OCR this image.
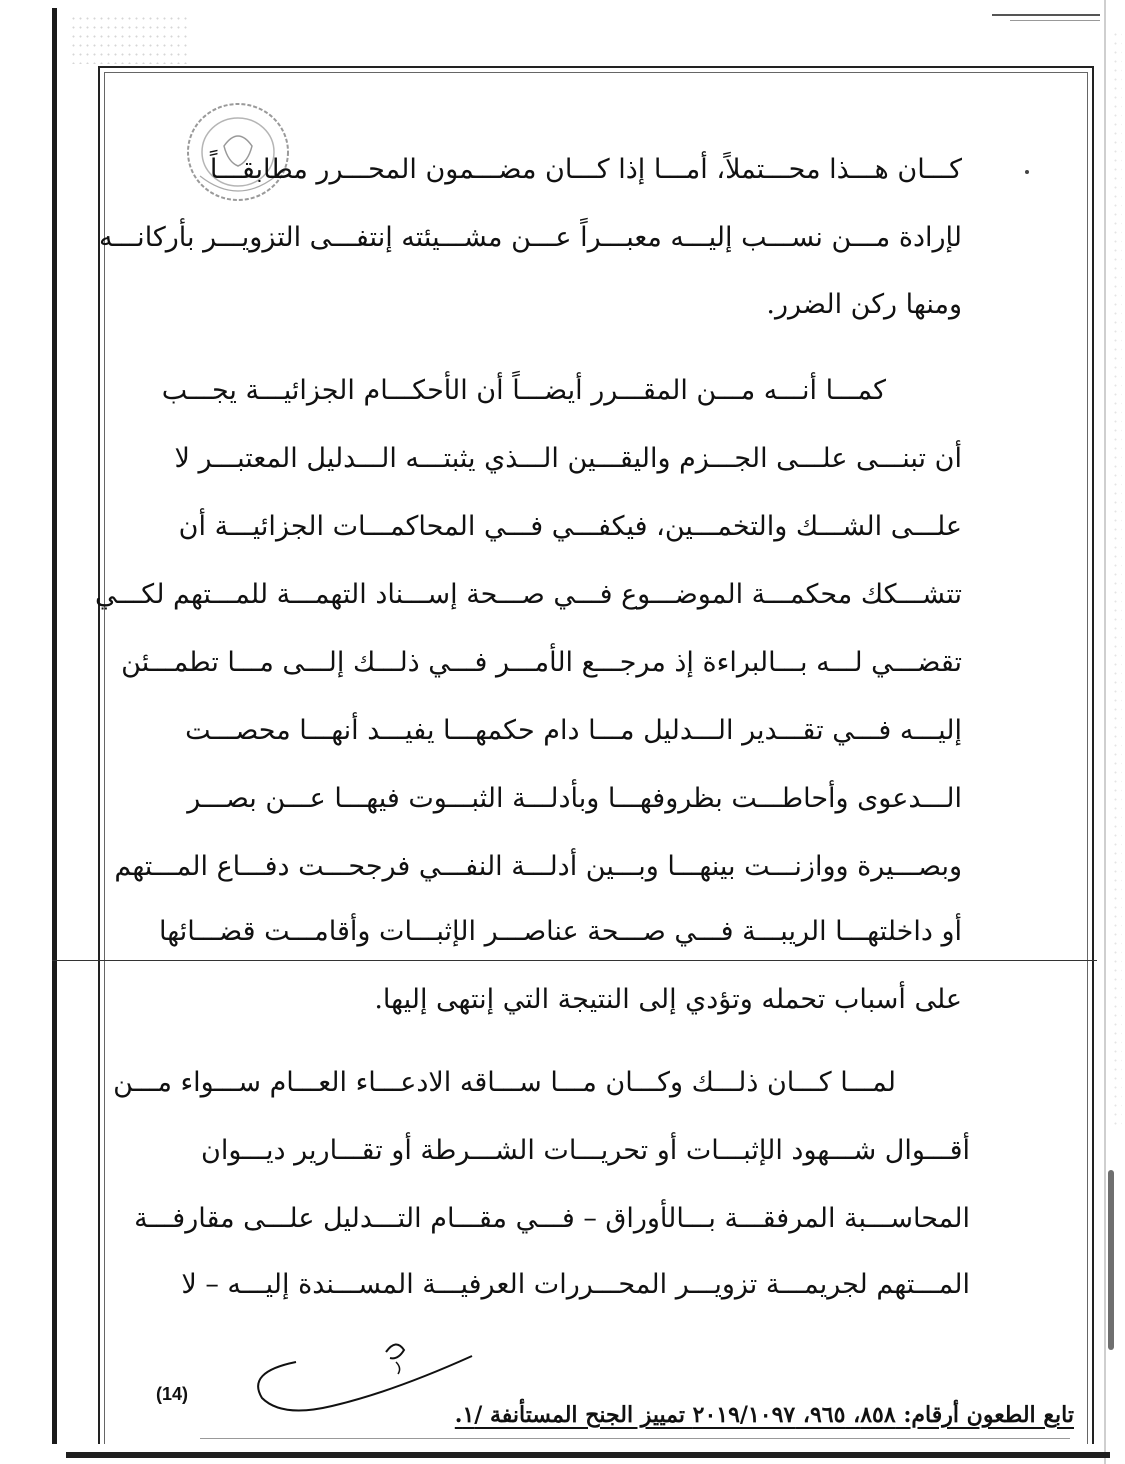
كـــان هـــذا محـــتملاً، أمـــا إذا كـــان مضـــمون المحـــرر مطابقـــاً
لإرادة مـــن نســـب إليـــه معبـــراً عـــن مشـــيئته إنتفـــى التزويـــر بأركانـــه
ومنها ركن الضرر.
كمـــا أنـــه مـــن المقـــرر أيضـــاً أن الأحكـــام الجزائيـــة يجـــب
أن تبنـــى علـــى الجـــزم واليقـــين الـــذي يثبتـــه الـــدليل المعتبـــر لا
علـــى الشـــك والتخمـــين، فيكفـــي فـــي المحاكمـــات الجزائيـــة أن
تتشـــكك محكمـــة الموضـــوع فـــي صـــحة إســـناد التهمـــة للمـــتهم لكـــي
تقضـــي لـــه بـــالبراءة إذ مرجـــع الأمـــر فـــي ذلـــك إلـــى مـــا تطمـــئن
إليـــه فـــي تقـــدير الـــدليل مـــا دام حكمهـــا يفيـــد أنهـــا محصـــت
الـــدعوى وأحاطـــت بظروفهـــا وبأدلـــة الثبـــوت فيهـــا عـــن بصـــر
وبصـــيرة ووازنـــت بينهـــا وبـــين أدلـــة النفـــي فرجحـــت دفـــاع المـــتهم
أو داخلتهـــا الريبـــة فـــي صـــحة عناصـــر الإثبـــات وأقامـــت قضـــائها
على أسباب تحمله وتؤدي إلى النتيجة التي إنتهى إليها.
لمـــا كـــان ذلـــك وكـــان مـــا ســـاقه الادعـــاء العـــام ســـواء مـــن
أقـــوال شـــهود الإثبـــات أو تحريـــات الشـــرطة أو تقـــارير ديـــوان
المحاســـبة المرفقـــة بـــالأوراق – فـــي مقـــام التـــدليل علـــى مقارفـــة
المـــتهم لجريمـــة تزويـــر المحـــررات العرفيـــة المســـندة إليـــه – لا
(14)
تابع الطعون أرقام: ٨٥٨، ٩٦٥، ٢٠١٩/١٠٩٧ تمييز الجنح المستأنفة /١.
